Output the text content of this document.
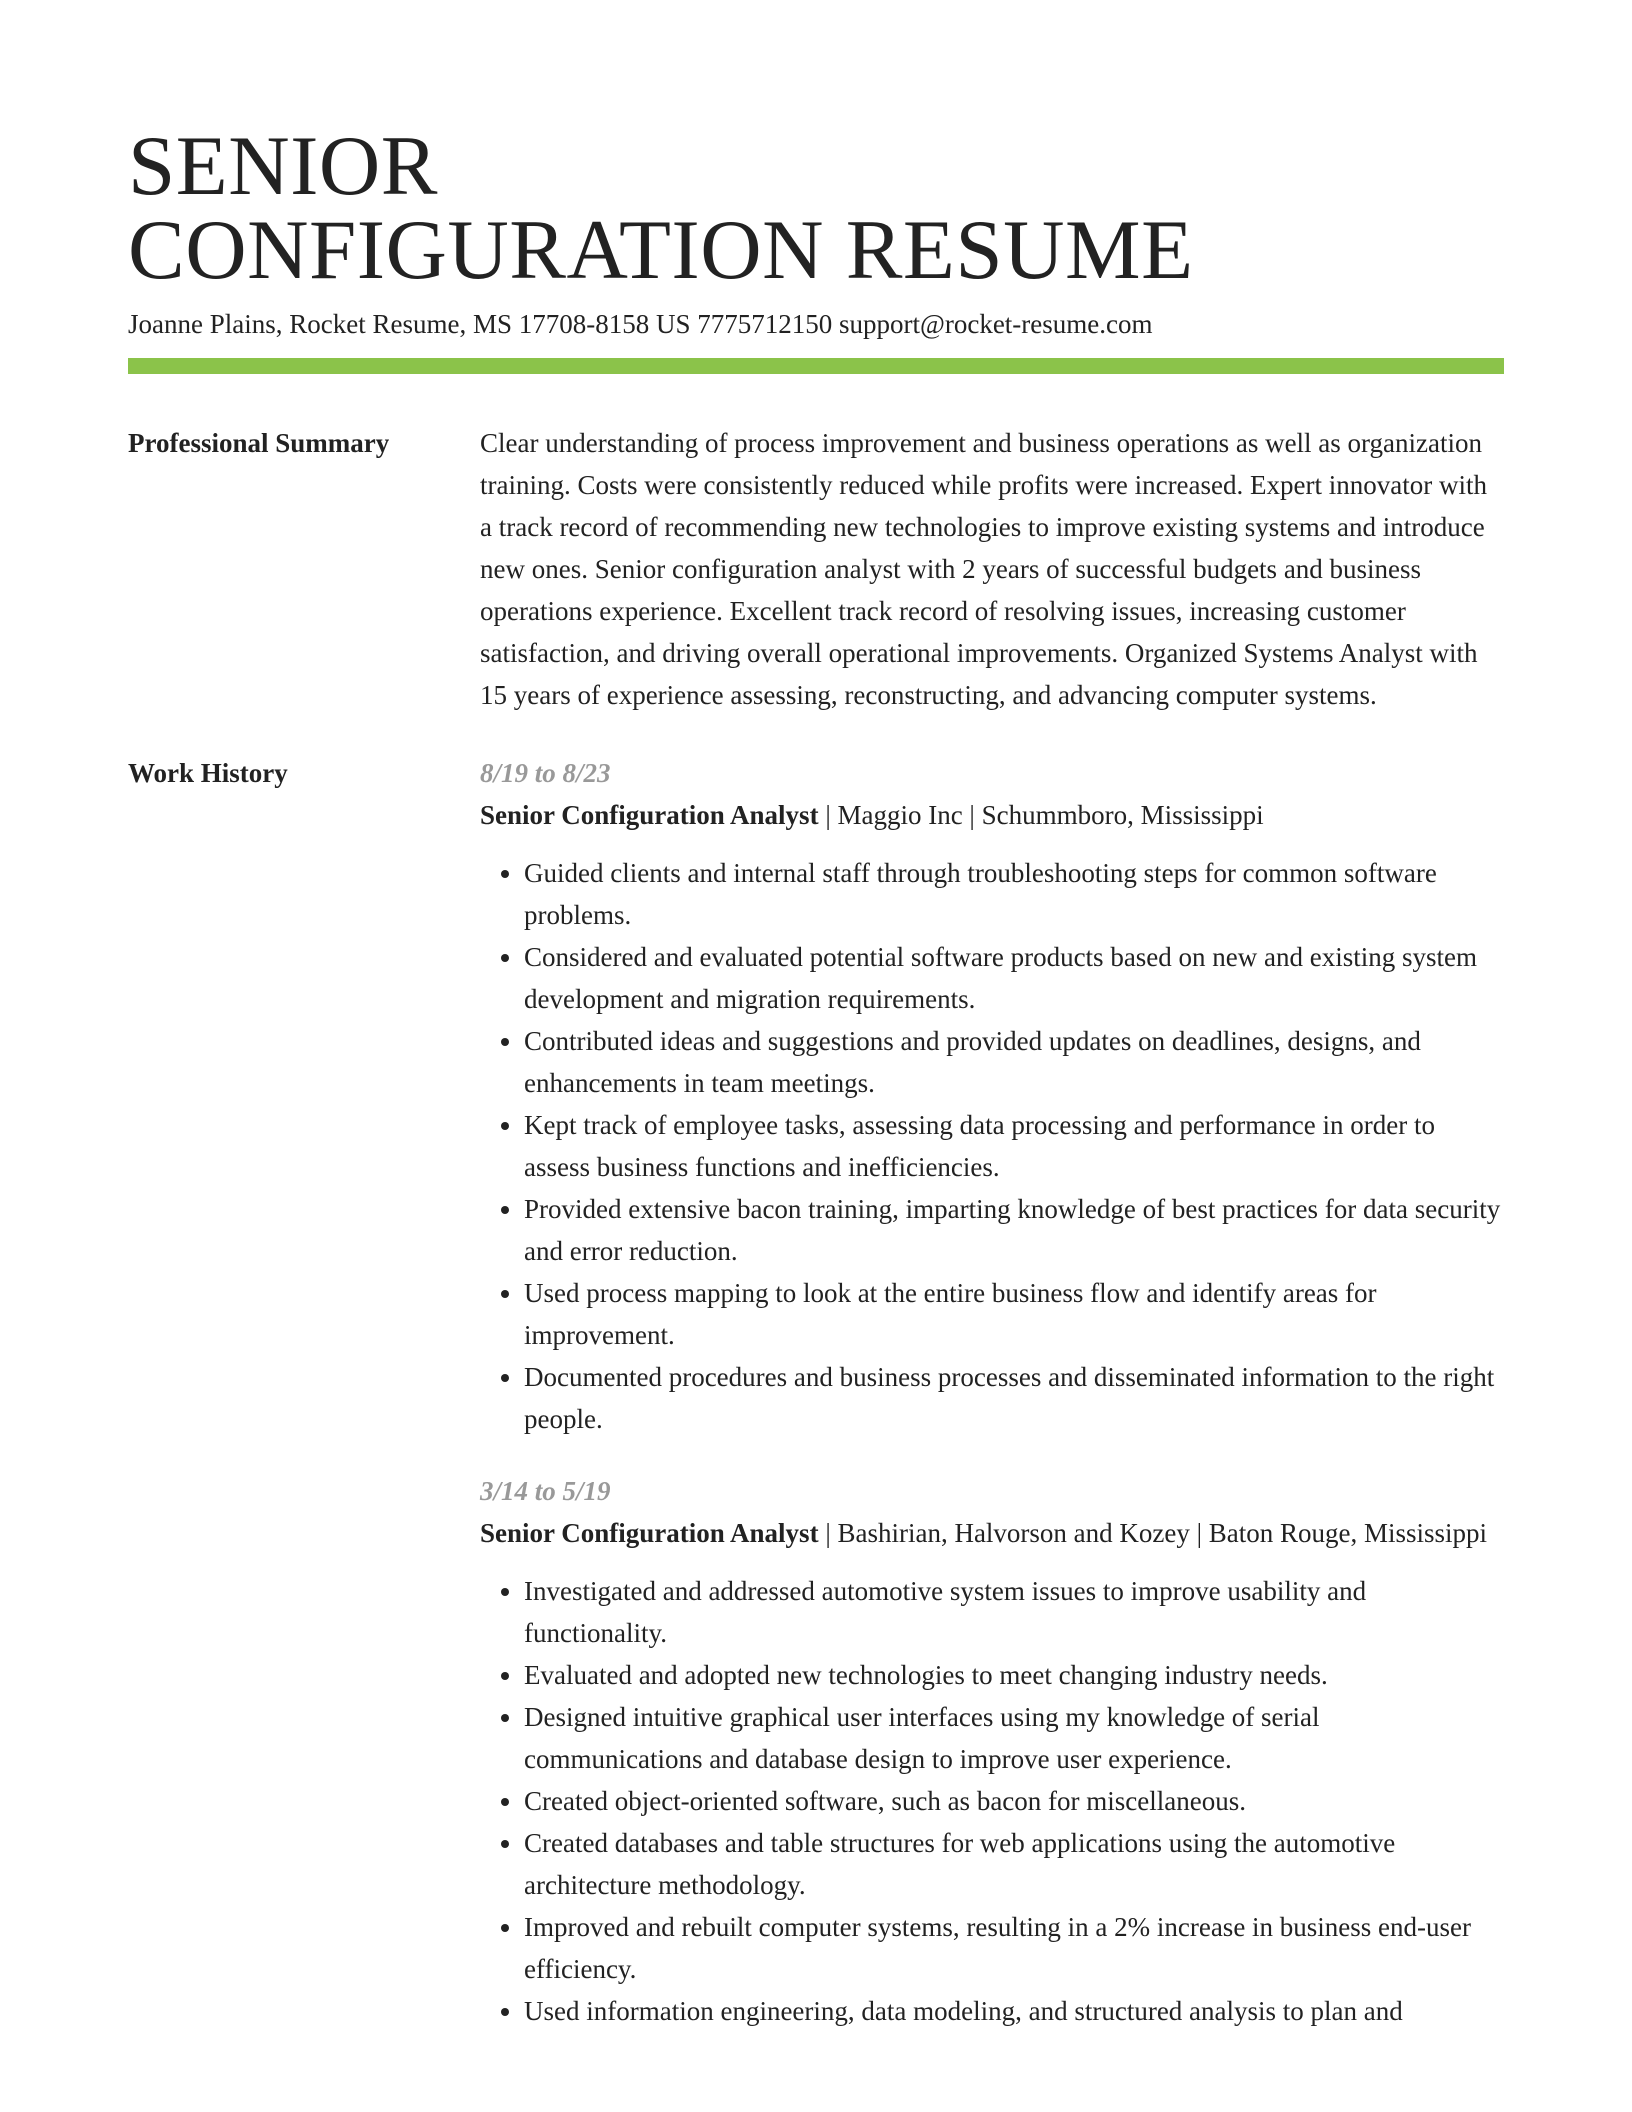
SENIOR
CONFIGURATION RESUME
Joanne Plains, Rocket Resume, MS 17708-8158 US 7775712150 support@rocket-resume.com
Professional Summary	Clear understanding of process improvement and business operations as well as organization training. Costs were consistently reduced while profits were increased. Expert innovator with a track record of recommending new technologies to improve existing systems and introduce new ones. Senior configuration analyst with 2 years of successful budgets and business operations experience. Excellent track record of resolving issues, increasing customer satisfaction, and driving overall operational improvements. Organized Systems Analyst with 15 years of experience assessing, reconstructing, and advancing computer systems.

Work History	8/19 to 8/23
Senior Configuration Analyst | Maggio Inc | Schummboro, Mississippi
• Guided clients and internal staff through troubleshooting steps for common software problems.
• Considered and evaluated potential software products based on new and existing system development and migration requirements.
• Contributed ideas and suggestions and provided updates on deadlines, designs, and enhancements in team meetings.
• Kept track of employee tasks, assessing data processing and performance in order to assess business functions and inefficiencies.
• Provided extensive bacon training, imparting knowledge of best practices for data security and error reduction.
• Used process mapping to look at the entire business flow and identify areas for improvement.
• Documented procedures and business processes and disseminated information to the right people.
3/14 to 5/19
Senior Configuration Analyst | Bashirian, Halvorson and Kozey | Baton Rouge, Mississippi
• Investigated and addressed automotive system issues to improve usability and functionality.
• Evaluated and adopted new technologies to meet changing industry needs.
• Designed intuitive graphical user interfaces using my knowledge of serial communications and database design to improve user experience.
• Created object-oriented software, such as bacon for miscellaneous.
• Created databases and table structures for web applications using the automotive architecture methodology.
• Improved and rebuilt computer systems, resulting in a 2% increase in business end-user efficiency.
• Used information engineering, data modeling, and structured analysis to plan and
